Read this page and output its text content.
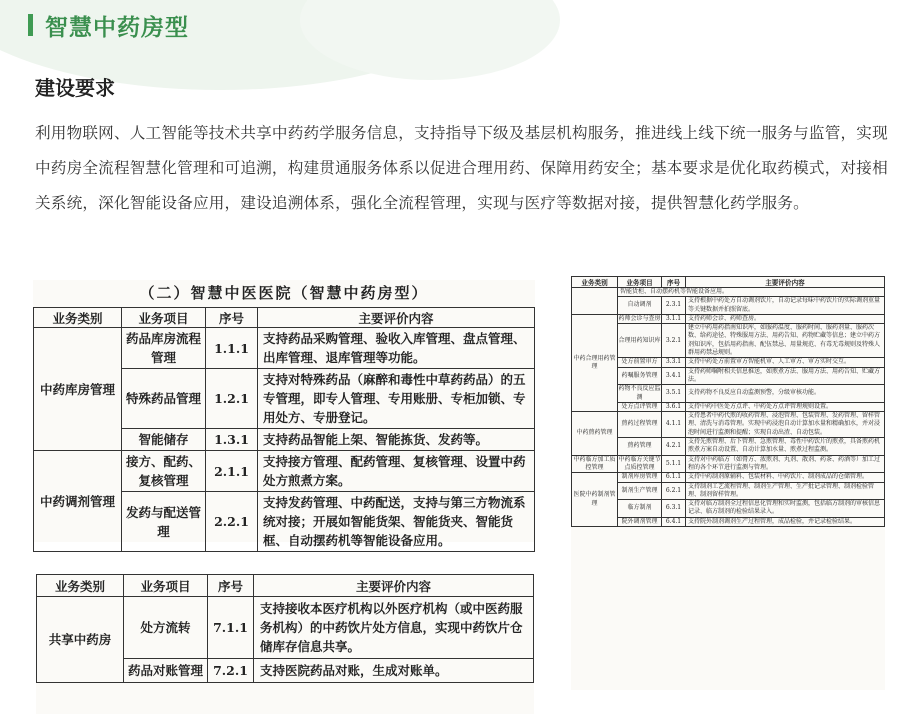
智慧中药房型
建设要求
利用物联网、人工智能等技术共享中药药学服务信息，支持指导下级及基层机构服务，推进线上线下统一服务与监管，实现中药房全流程智慧化管理和可追溯，构建贯通服务体系以促进合理用药、保障用药安全；基本要求是优化取药模式，对接相关系统，深化智能设备应用，建设追溯体系，强化全流程管理，实现与医疗等数据对接，提供智慧化药学服务。
（二）智慧中医医院（智慧中药房型）
业务类别	业务项目	序号	主要评价内容
中药库房管理	药品库房流程管理	1.1.1	支持药品采购管理、验收入库管理、盘点管理、出库管理、退库管理等功能。
	特殊药品管理	1.2.1	支持对特殊药品（麻醉和毒性中草药药品）的五专管理，即专人管理、专用账册、专柜加锁、专用处方、专册登记。
	智能储存	1.3.1	支持药品智能上架、智能拣货、发药等。
中药调剂管理	接方、配药、复核管理	2.1.1	支持接方管理、配药管理、复核管理、设置中药处方煎煮方案。
	发药与配送管理	2.2.1	支持发药管理、中药配送，支持与第三方物流系统对接；开展如智能货架、智能货夹、智能货框、自动摆药机等智能设备应用。
业务类别	业务项目	序号	主要评价内容
共享中药房	处方流转	7.1.1	支持接收本医疗机构以外医疗机构（或中医药服务机构）的中药饮片处方信息，实现中药饮片仓储库存信息共享。
	药品对账管理	7.2.1	支持医院药品对账，生成对账单。
业务类别	业务项目	序号	主要评价内容
	智能货柜、自动摆药机等智能设备应用。		
	自动调剂	2.3.1	支持根据中药处方自动调剂饮片，自动记录每味中药饮片的实际调剂重量等关键数据并拍照留底。
中药合理用药管理	药师会诊与查房	3.1.1	支持药师会诊、药师查房。
	合理用药知识库	3.2.1	建立中药用药指南知识库，如服药温度、服药时间、服药剂量、服药次数、给药途径、特殊服用方法、用药告知、药物贮藏等信息；建立中药方剂知识库，包括用药指南、配伍禁忌、用量规范、有毒无毒规则及特殊人群用药禁忌规则。
	处方前置审方	3.3.1	支持中药处方前置审方智能机审、人工审方、审方实时交互。
	药嘱服务管理	3.4.1	支持药师嘱咐相关信息推送，如煎煮方法、服用方法、用药告知、贮藏方法。
	药物不良反应监测	3.5.1	支持药物不良反应自动监测预警，分级审核功能。
	处方点评管理	3.6.1	支持中药中医处方点评、中药处方点评管理规则设置。
中药煎药管理	煎药过程管理	4.1.1	支持患者中药代煎的收药管理、浸泡管理、包装管理、发药管理、留样管理、清洗与消毒管理。实现中药浸泡自动计算加水量和精确加水，并对浸泡时间进行监测和提醒；实现自动出渣、自动包装。
	煎药管理	4.2.1	支持先煎管理、后下管理、急煎管理、毒性中药饮片的煎煮，具备煎药机煎煮方案自动设置、自动计算加水量、煎煮过程监测。
中药临方加工质控管理	中药临方关键节点质控管理	5.1.1	支持对中药临方（如膏方、浓煎剂、丸剂、散剂、药茶、药酒等）加工过程的各个环节进行监测与管理。
医院中药制剂管理	制剂库房管理	6.1.1	支持中药制剂原辅料、包装材料、中药饮片、制剂成品的仓储管理。
	制剂生产管理	6.2.1	支持制剂工艺流程管理、制剂生产管理、生产批记录管理、制剂检验管理、制剂留样管理。
	临方制剂	6.3.1	支持对临方制剂全过程信息化管理和实时监测，包括临方制剂的审核信息记录、临方制剂的检验结果录入。
	院外调剂管理	6.4.1	支持院外制剂调剂生产过程管理，成品检验，并记录检验结果。
